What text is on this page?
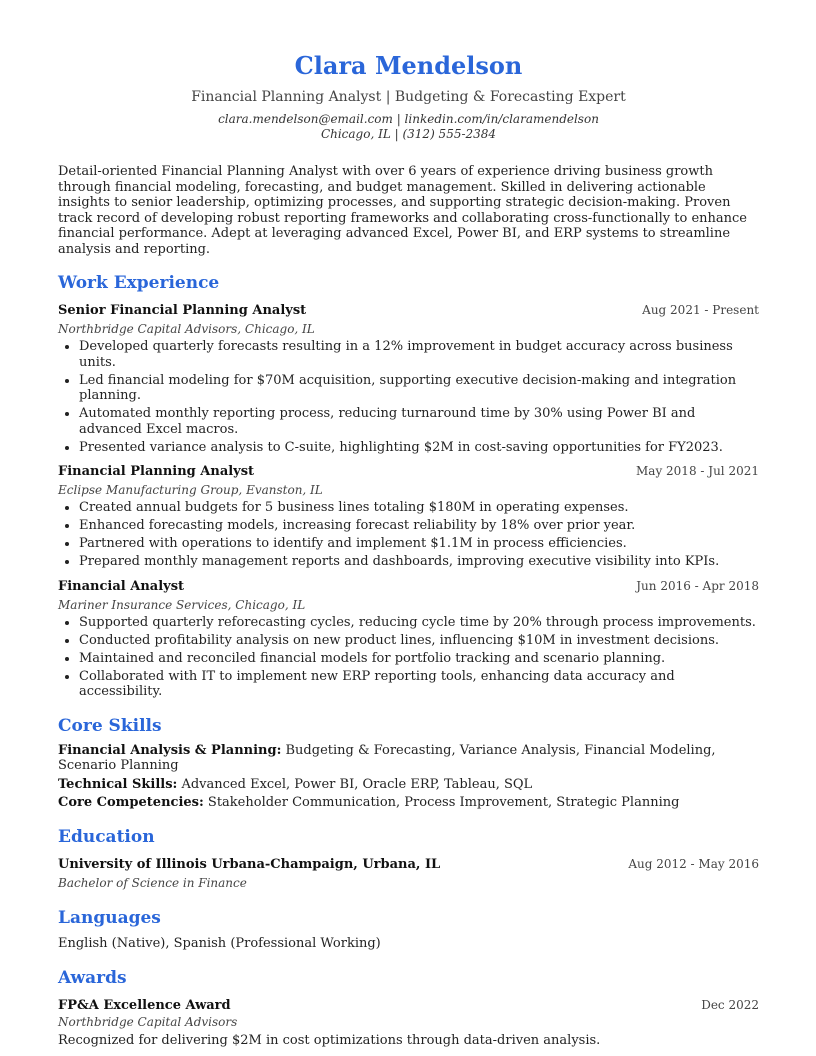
Clara Mendelson
Financial Planning Analyst | Budgeting & Forecasting Expert
clara.mendelson@email.com | linkedin.com/in/claramendelson
Chicago, IL | (312) 555-2384
Detail-oriented Financial Planning Analyst with over 6 years of experience driving business growth through financial modeling, forecasting, and budget management. Skilled in delivering actionable insights to senior leadership, optimizing processes, and supporting strategic decision-making. Proven track record of developing robust reporting frameworks and collaborating cross-functionally to enhance financial performance. Adept at leveraging advanced Excel, Power BI, and ERP systems to streamline analysis and reporting.
Work Experience
Senior Financial Planning Analyst	Aug 2021 - Present
Northbridge Capital Advisors, Chicago, IL
• Developed quarterly forecasts resulting in a 12% improvement in budget accuracy across business units.
• Led financial modeling for $70M acquisition, supporting executive decision-making and integration planning.
• Automated monthly reporting process, reducing turnaround time by 30% using Power BI and advanced Excel macros.
• Presented variance analysis to C-suite, highlighting $2M in cost-saving opportunities for FY2023.
Financial Planning Analyst	May 2018 - Jul 2021
Eclipse Manufacturing Group, Evanston, IL
• Created annual budgets for 5 business lines totaling $180M in operating expenses.
• Enhanced forecasting models, increasing forecast reliability by 18% over prior year.
• Partnered with operations to identify and implement $1.1M in process efficiencies.
• Prepared monthly management reports and dashboards, improving executive visibility into KPIs.
Financial Analyst	Jun 2016 - Apr 2018
Mariner Insurance Services, Chicago, IL
• Supported quarterly reforecasting cycles, reducing cycle time by 20% through process improvements.
• Conducted profitability analysis on new product lines, influencing $10M in investment decisions.
• Maintained and reconciled financial models for portfolio tracking and scenario planning.
• Collaborated with IT to implement new ERP reporting tools, enhancing data accuracy and accessibility.
Core Skills
Financial Analysis & Planning: Budgeting & Forecasting, Variance Analysis, Financial Modeling, Scenario Planning
Technical Skills: Advanced Excel, Power BI, Oracle ERP, Tableau, SQL
Core Competencies: Stakeholder Communication, Process Improvement, Strategic Planning
Education
University of Illinois Urbana-Champaign, Urbana, IL	Aug 2012 - May 2016
Bachelor of Science in Finance
Languages
English (Native), Spanish (Professional Working)
Awards
FP&A Excellence Award	Dec 2022
Northbridge Capital Advisors
Recognized for delivering $2M in cost optimizations through data-driven analysis.
